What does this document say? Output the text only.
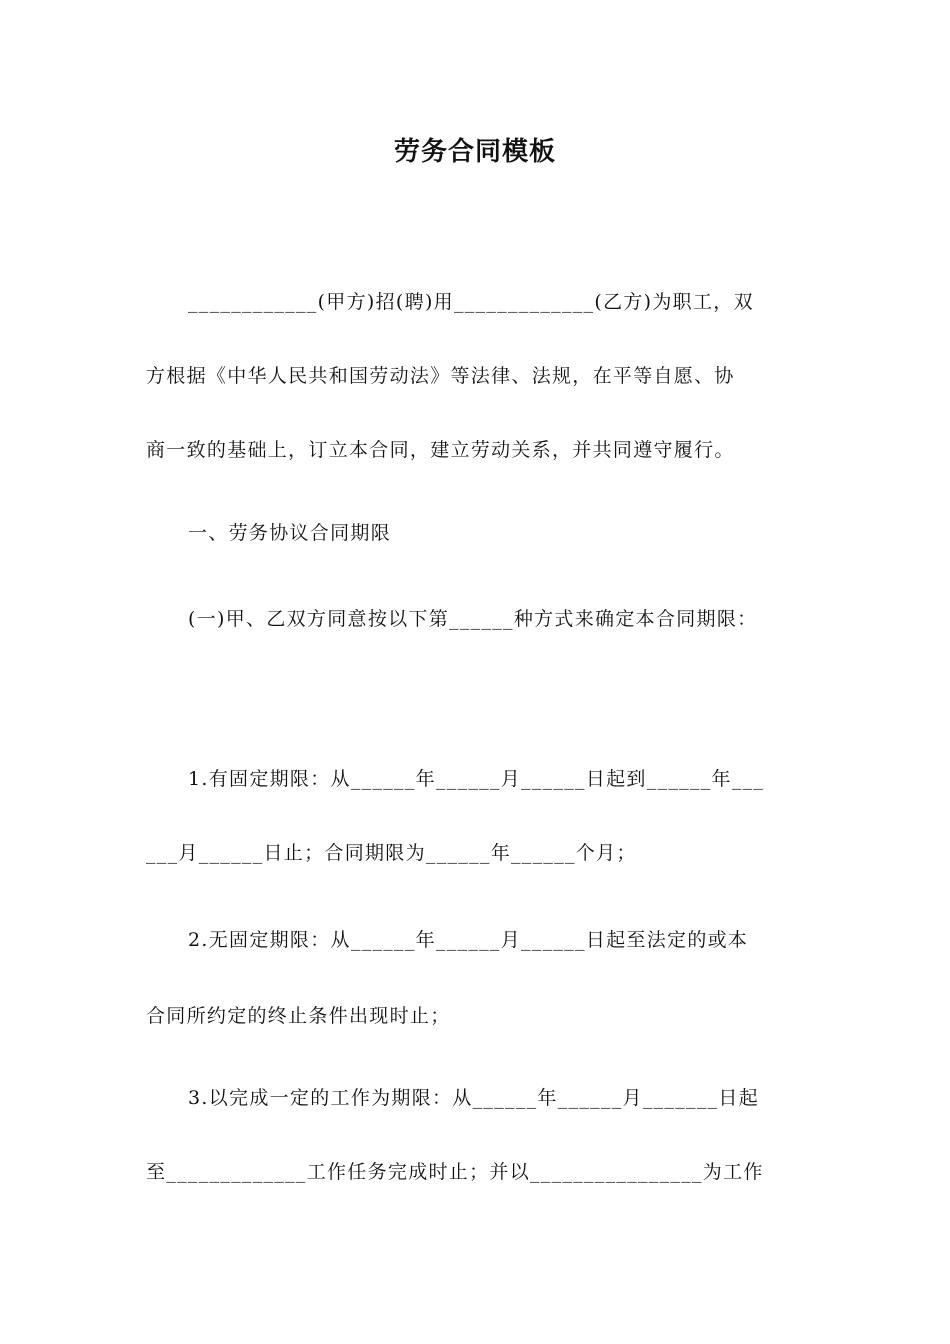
劳务合同模板
____________(甲方)招(聘)用_____________(乙方)为职工，双
方根据《中华人民共和国劳动法》等法律、法规，在平等自愿、协
商一致的基础上，订立本合同，建立劳动关系，并共同遵守履行。
一、劳务协议合同期限
(一)甲、乙双方同意按以下第______种方式来确定本合同期限：
1.有固定期限：从______年______月______日起到______年___
___月______日止；合同期限为______年______个月；
2.无固定期限：从______年______月______日起至法定的或本
合同所约定的终止条件出现时止；
3.以完成一定的工作为期限：从______年______月_______日起
至_____________工作任务完成时止；并以________________为工作
